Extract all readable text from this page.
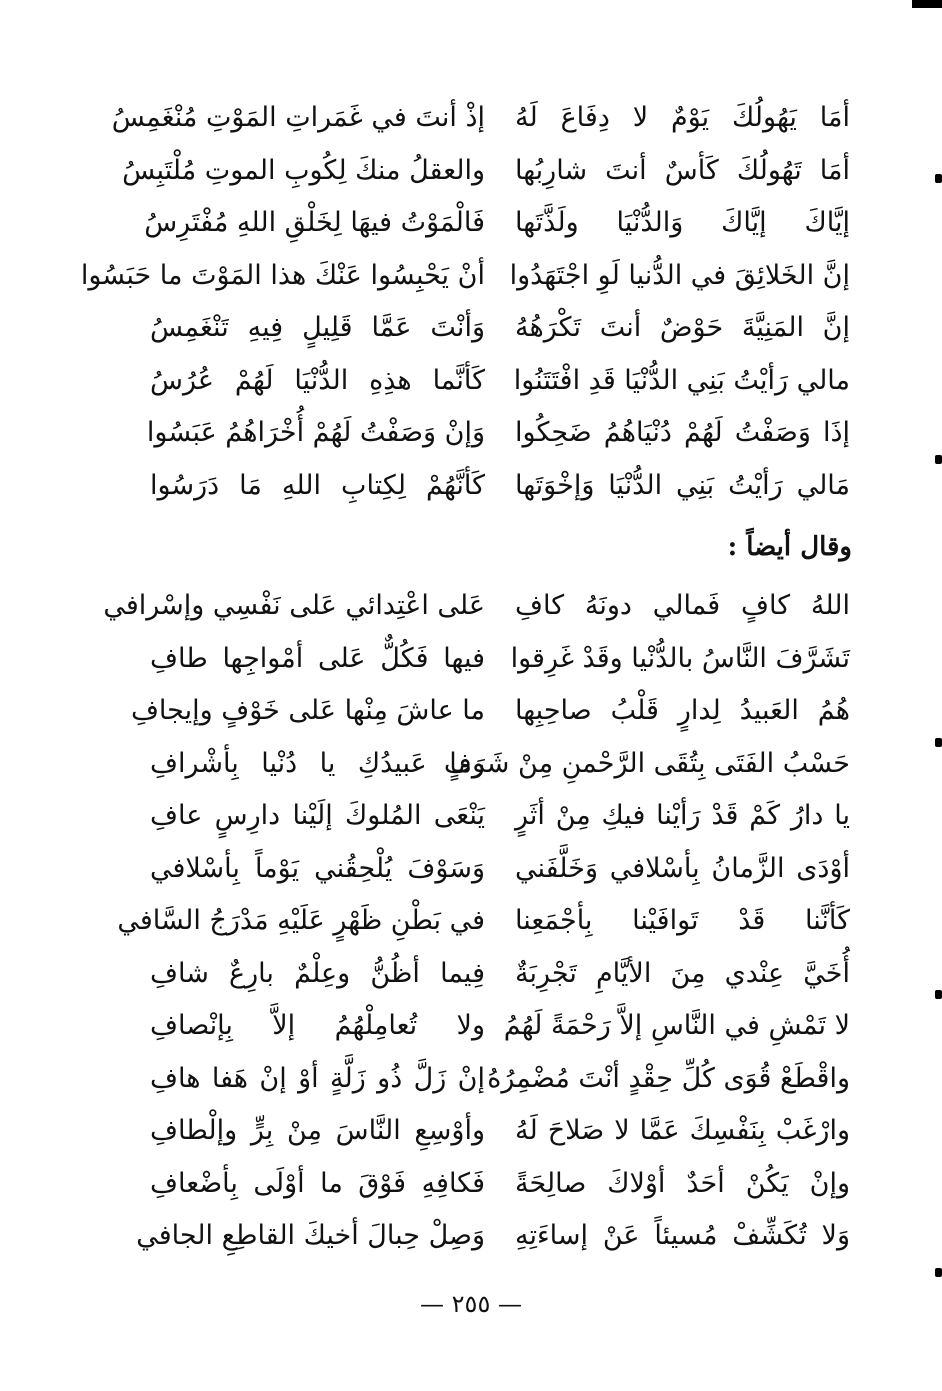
أمَا يَهُولُكَ يَوْمٌ لا دِفَاعَ لَهُ
إذْ أنتَ في غَمَراتِ المَوْتِ مُنْغَمِسُ
أمَا تَهُولُكَ كَأسٌ أنتَ شارِبُها
والعقلُ منكَ لِكُوبِ الموتِ مُلْتَبِسُ
إيَّاكَ إيَّاكَ وَالدُّنْيَا ولَذَّتَها
فَالْمَوْتُ فيهَا لِخَلْقِ اللهِ مُفْتَرِسُ
إنَّ الخَلائِقَ في الدُّنيا لَوِ اجْتَهَدُوا
أنْ يَحْبِسُوا عَنْكَ هذا المَوْتَ ما حَبَسُوا
إنَّ المَنِيَّةَ حَوْضٌ أنتَ تَكْرَهُهُ
وَأنْتَ عَمَّا قَلِيلٍ فِيهِ تَنْغَمِسُ
مالي رَأيْتُ بَنِي الدُّنْيَا قَدِ افْتَتَنُوا
كَأنَّما هذِهِ الدُّنْيَا لَهُمْ عُرُسُ
إذَا وَصَفْتُ لَهُمْ دُنْيَاهُمُ ضَحِكُوا
وَإنْ وَصَفْتُ لَهُمْ أُخْرَاهُمُ عَبَسُوا
مَالي رَأيْتُ بَنِي الدُّنْيَا وَإخْوَتَها
كَأنَّهُمْ لِكِتابِ اللهِ مَا دَرَسُوا
وقال أيضاً :
اللهُ كافٍ فَمالي دونَهُ كافِ
عَلى اعْتِدائي عَلى نَفْسِي وإسْرافي
تَشَرَّفَ النَّاسُ بالدُّنْيا وقَدْ غَرِقوا
فيها فَكُلٌّ عَلى أمْواجِها طافِ
هُمُ العَبيدُ لِدارٍ قَلْبُ صاحِبِها
ما عاشَ مِنْها عَلى خَوْفٍ وإيجافِ
حَسْبُ الفَتَى بِتُقَى الرَّحْمنِ مِنْ شَرَفٍ
وما عَبيدُكِ يا دُنْيا بِأشْرافِ
يا دارُ كَمْ قَدْ رَأيْنا فيكِ مِنْ أثَرٍ
يَنْعَى المُلوكَ إلَيْنا دارِسٍ عافِ
أوْدَى الزَّمانُ بِأسْلافي وَخَلَّفَني
وَسَوْفَ يُلْحِقُني يَوْماً بِأسْلافي
كَأنَّنا قَدْ تَوافَيْنا بِأجْمَعِنا
في بَطْنِ ظَهْرٍ عَلَيْهِ مَدْرَجُ السَّافي
أُخَيَّ عِنْدي مِنَ الأيَّامِ تَجْرِبَةٌ
فِيما أظُنُّ وعِلْمٌ بارِعٌ شافِ
لا تَمْشِ في النَّاسِ إلاَّ رَحْمَةً لَهُمُ
ولا تُعامِلْهُمُ إلاَّ بِإنْصافِ
واقْطَعْ قُوَى كُلِّ حِقْدٍ أنْتَ مُضْمِرُهُ
إنْ زَلَّ ذُو زَلَّةٍ أوْ إنْ هَفا هافِ
وارْغَبْ بِنَفْسِكَ عَمَّا لا صَلاحَ لَهُ
وأوْسِعِ النَّاسَ مِنْ بِرٍّ وإلْطافِ
وإنْ يَكُنْ أحَدٌ أوْلاكَ صالِحَةً
فَكافِهِ فَوْقَ ما أوْلَى بِأضْعافِ
وَلا تُكَشِّفْ مُسيئاً عَنْ إساءَتِهِ
وَصِلْ حِبالَ أخيكَ القاطِعِ الجافي
— ٢٥٥ —
